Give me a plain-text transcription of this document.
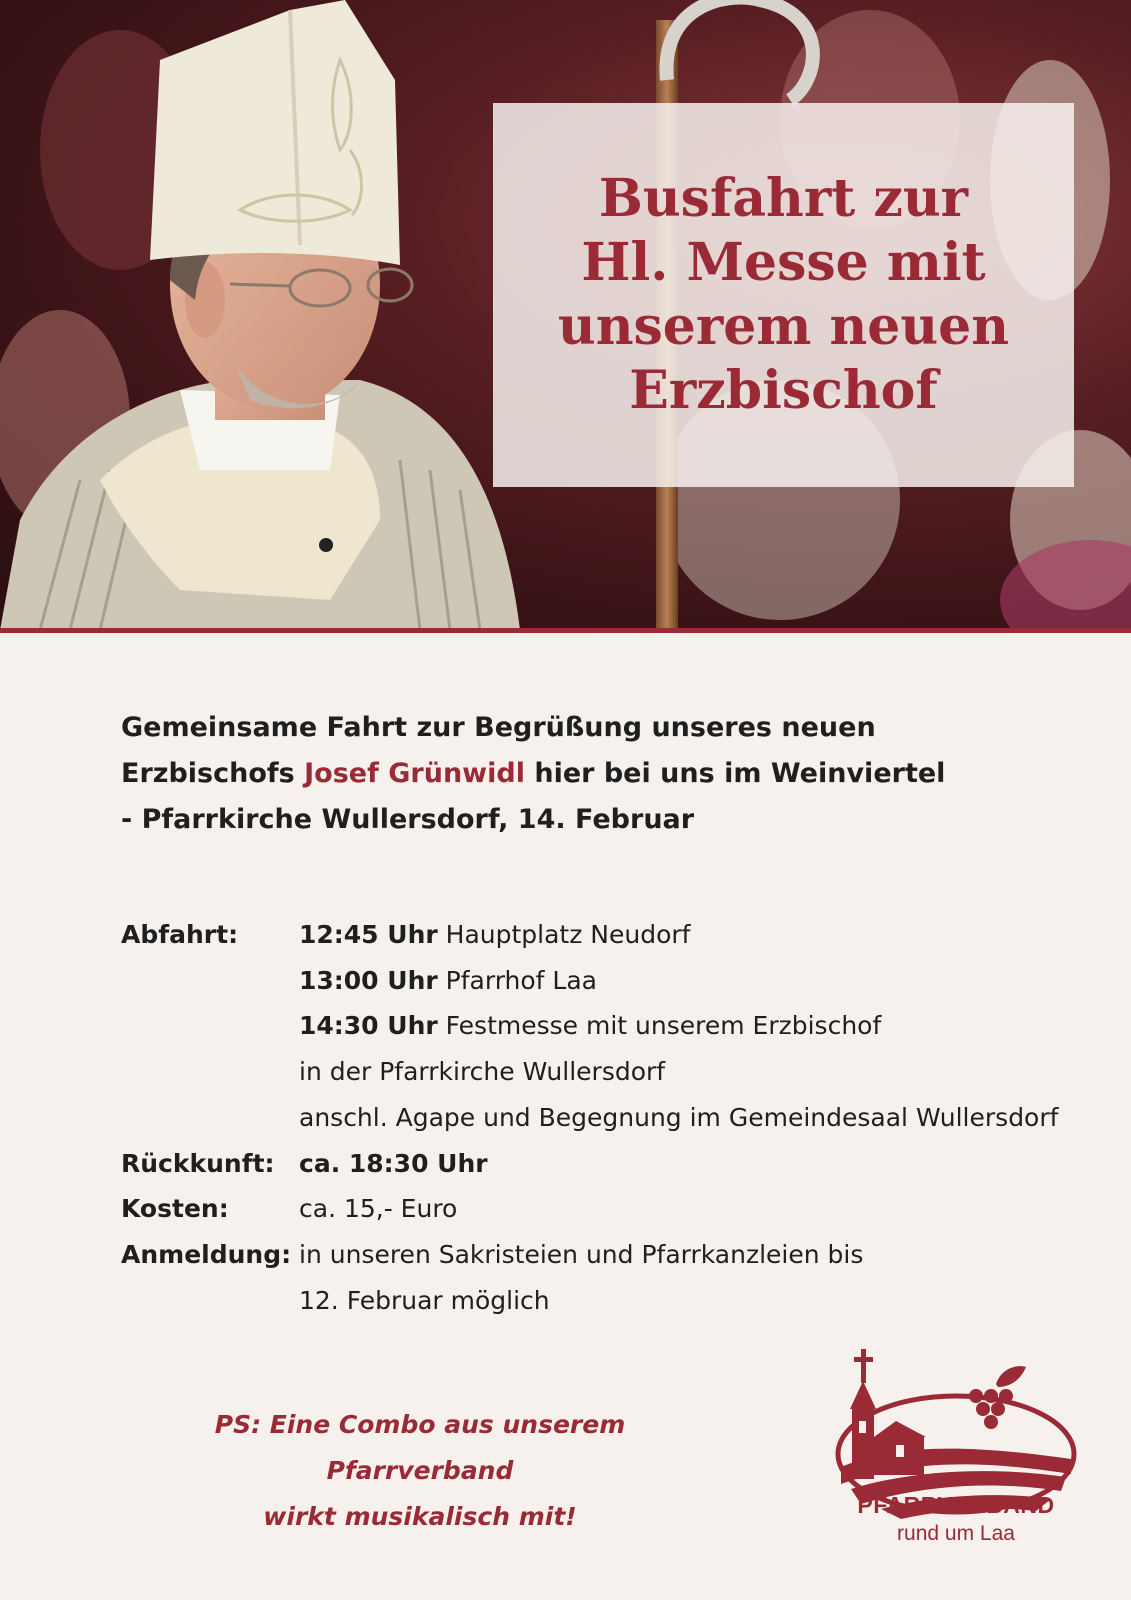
Busfahrt zur
Hl. Messe mit
unserem neuen
Erzbischof
Gemeinsame Fahrt zur Begrüßung unseres neuen
Erzbischofs Josef Grünwidl hier bei uns im Weinviertel
- Pfarrkirche Wullersdorf, 14. Februar
Abfahrt:	12:45 Uhr Hauptplatz Neudorf
13:00 Uhr Pfarrhof Laa
14:30 Uhr Festmesse mit unserem Erzbischof
in der Pfarrkirche Wullersdorf
anschl. Agape und Begegnung im Gemeindesaal Wullersdorf
Rückkunft: ca. 18:30 Uhr
Kosten:	ca. 15,- Euro
Anmeldung: in unseren Sakristeien und Pfarrkanzleien bis
12. Februar möglich
PS: Eine Combo aus unserem Pfarrverband
wirkt musikalisch mit!	PFARRVERBAND
rund um Laa
